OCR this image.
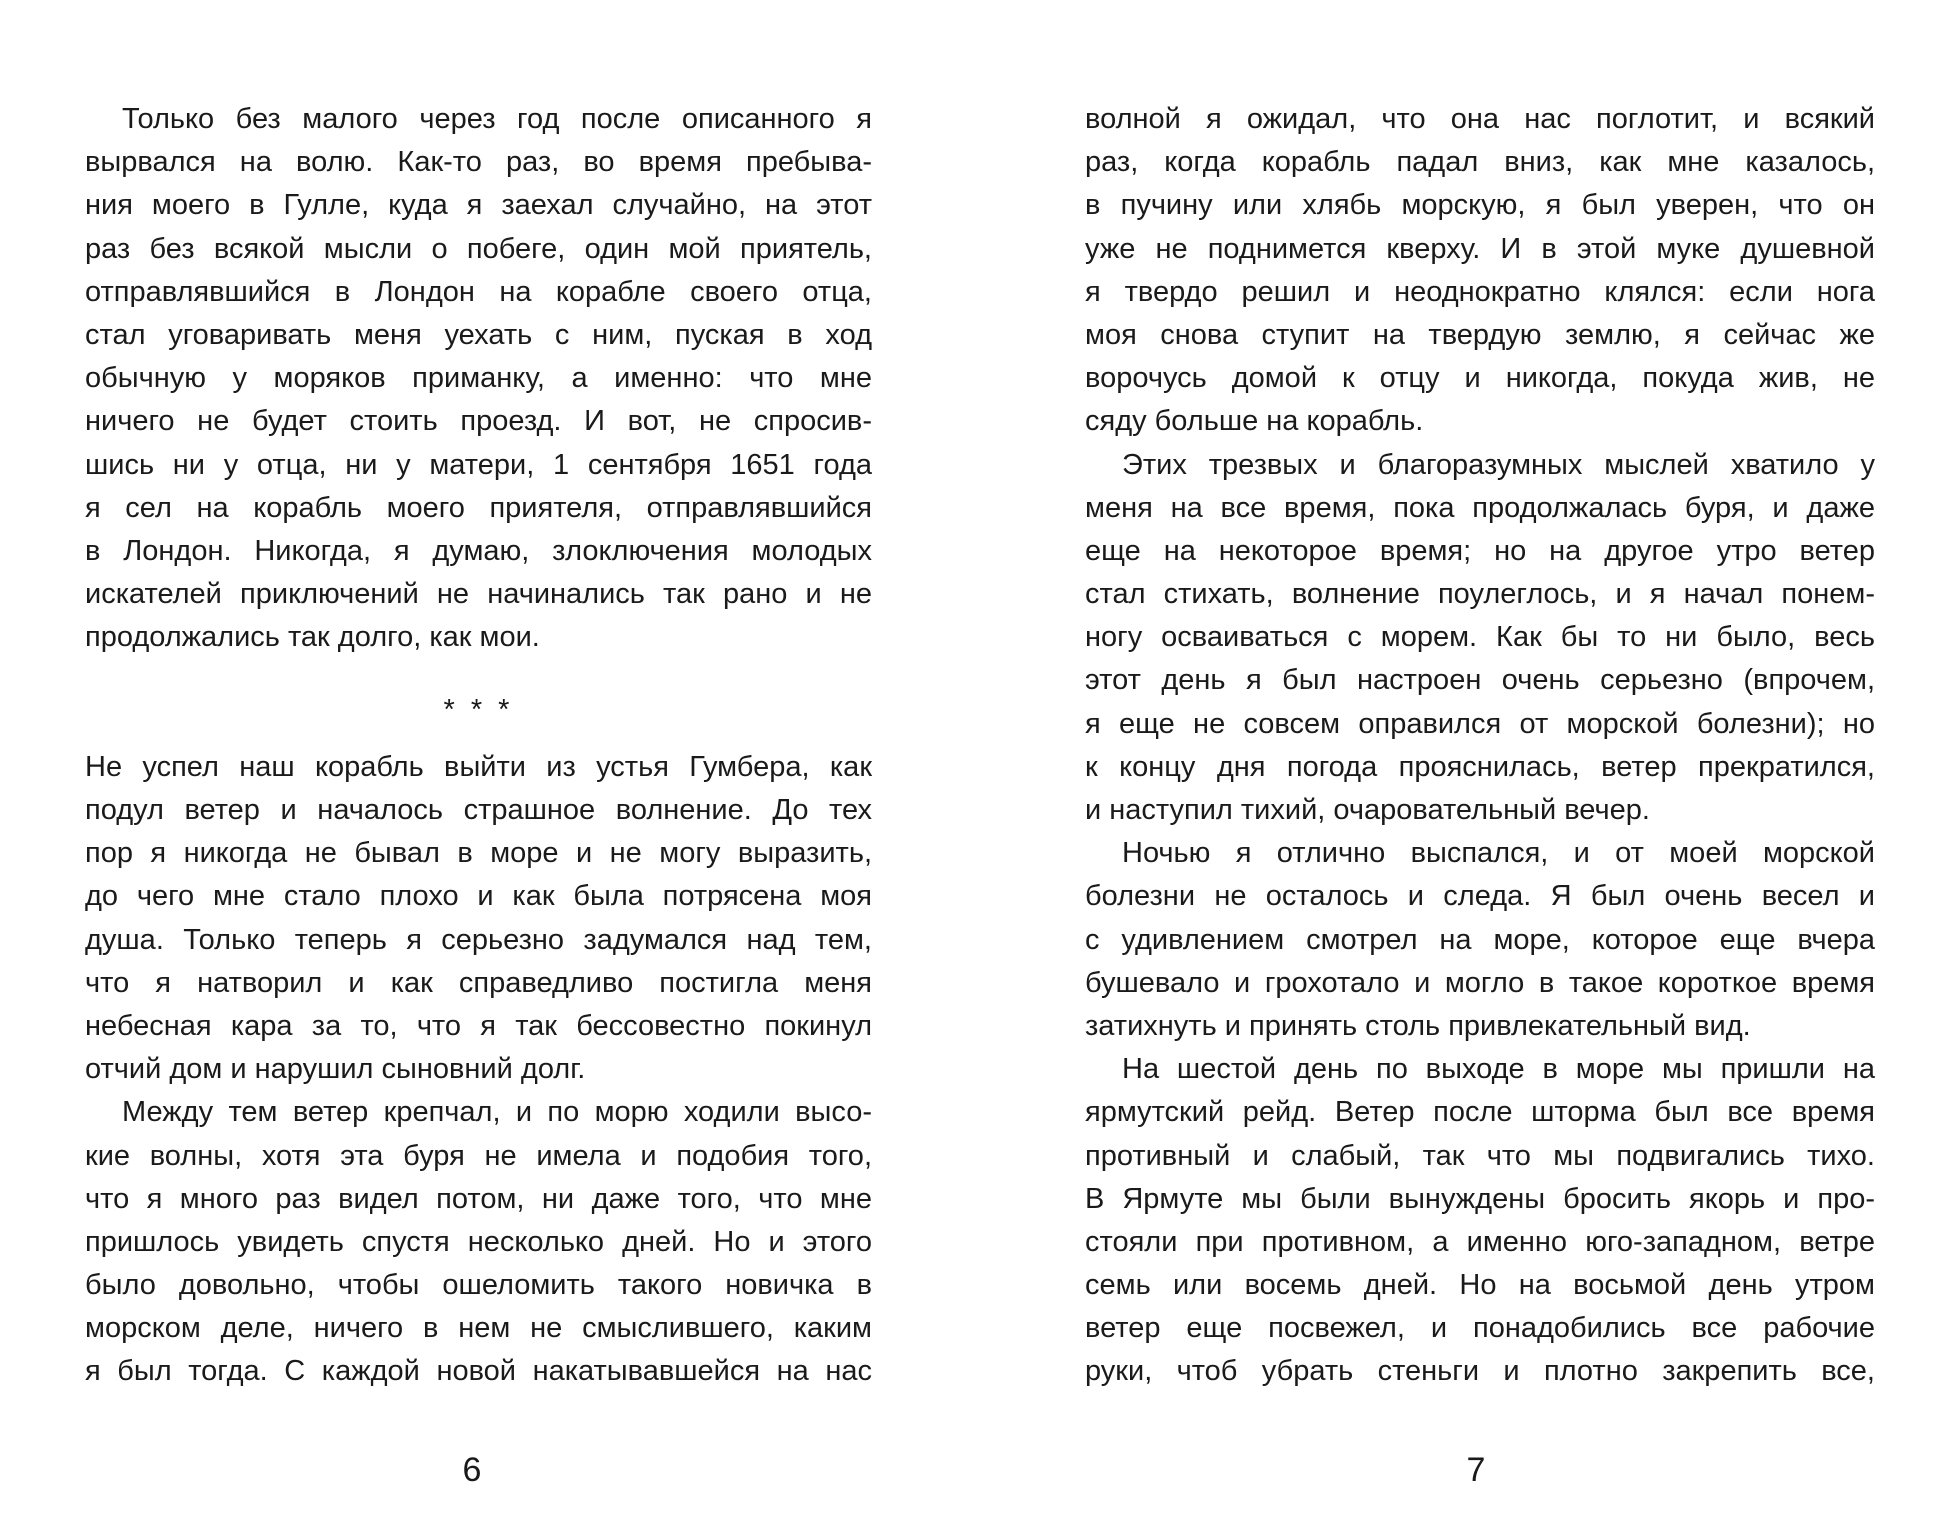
Только без малого через год после описанного я
вырвался на волю. Как-то раз, во время пребыва-
ния моего в Гулле, куда я заехал случайно, на этот
раз без всякой мысли о побеге, один мой приятель,
отправлявшийся в Лондон на корабле своего отца,
стал уговаривать меня уехать с ним, пуская в ход
обычную у моряков приманку, а именно: что мне
ничего не будет стоить проезд. И вот, не спросив-
шись ни у отца, ни у матери, 1 сентября 1651 года
я сел на корабль моего приятеля, отправлявшийся
в Лондон. Никогда, я думаю, злоключения молодых
искателей приключений не начинались так рано и не
продолжались так долго, как мои.
* * *
Не успел наш корабль выйти из устья Гумбера, как
подул ветер и началось страшное волнение. До тех
пор я никогда не бывал в море и не могу выразить,
до чего мне стало плохо и как была потрясена моя
душа. Только теперь я серьезно задумался над тем,
что я натворил и как справедливо постигла меня
небесная кара за то, что я так бессовестно покинул
отчий дом и нарушил сыновний долг.
Между тем ветер крепчал, и по морю ходили высо-
кие волны, хотя эта буря не имела и подобия того,
что я много раз видел потом, ни даже того, что мне
пришлось увидеть спустя несколько дней. Но и этого
было довольно, чтобы ошеломить такого новичка в
морском деле, ничего в нем не смыслившего, каким
я был тогда. С каждой новой накатывавшейся на нас
6
волной я ожидал, что она нас поглотит, и всякий
раз, когда корабль падал вниз, как мне казалось,
в пучину или хлябь морскую, я был уверен, что он
уже не поднимется кверху. И в этой муке душевной
я твердо решил и неоднократно клялся: если нога
моя снова ступит на твердую землю, я сейчас же
ворочусь домой к отцу и никогда, покуда жив, не
сяду больше на корабль.
Этих трезвых и благоразумных мыслей хватило у
меня на все время, пока продолжалась буря, и даже
еще на некоторое время; но на другое утро ветер
стал стихать, волнение поулеглось, и я начал понем-
ногу осваиваться с морем. Как бы то ни было, весь
этот день я был настроен очень серьезно (впрочем,
я еще не совсем оправился от морской болезни); но
к концу дня погода прояснилась, ветер прекратился,
и наступил тихий, очаровательный вечер.
Ночью я отлично выспался, и от моей морской
болезни не осталось и следа. Я был очень весел и
с удивлением смотрел на море, которое еще вчера
бушевало и грохотало и могло в такое короткое время
затихнуть и принять столь привлекательный вид.
На шестой день по выходе в море мы пришли на
ярмутский рейд. Ветер после шторма был все время
противный и слабый, так что мы подвигались тихо.
В Ярмуте мы были вынуждены бросить якорь и про-
стояли при противном, а именно юго-западном, ветре
семь или восемь дней. Но на восьмой день утром
ветер еще посвежел, и понадобились все рабочие
руки, чтоб убрать стеньги и плотно закрепить все,
7
